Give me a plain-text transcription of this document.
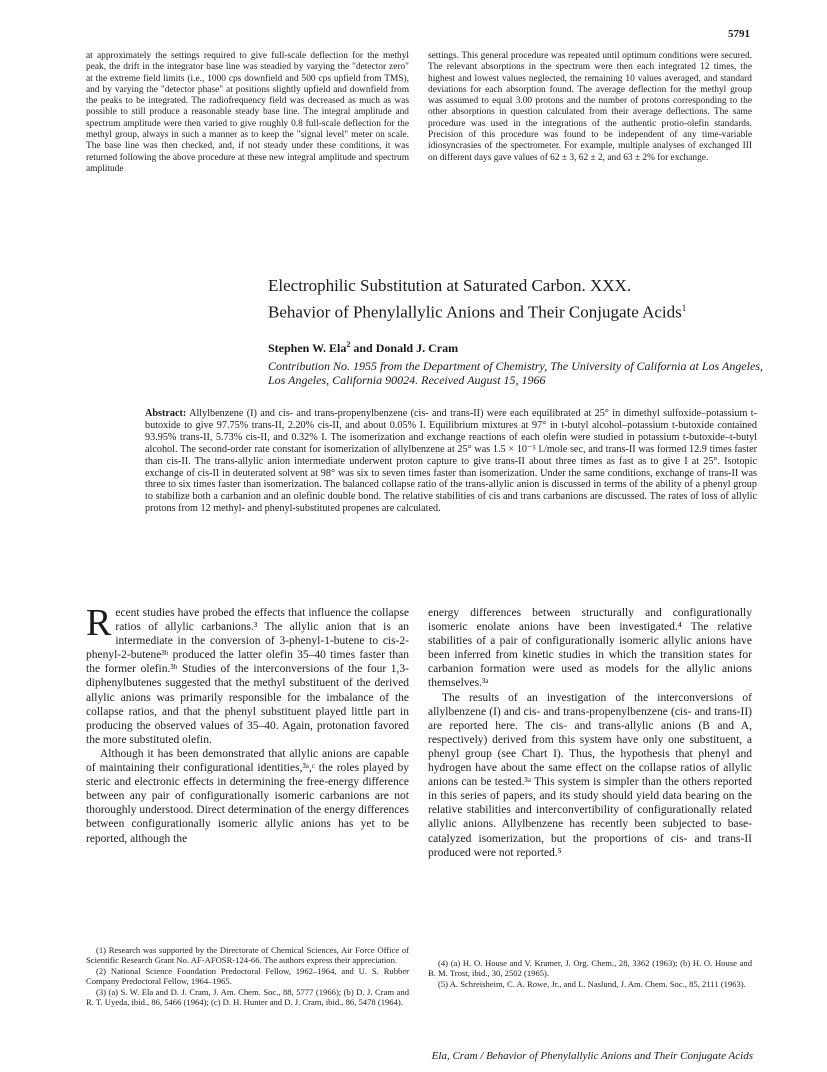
5791
at approximately the settings required to give full-scale deflection for the methyl peak, the drift in the integrator base line was steadied by varying the "detector zero" at the extreme field limits (i.e., 1000 cps downfield and 500 cps upfield from TMS), and by varying the "detector phase" at positions slightly upfield and downfield from the peaks to be integrated. The radiofrequency field was decreased as much as was possible to still produce a reasonable steady base line. The integral amplitude and spectrum amplitude were then varied to give roughly 0.8 full-scale deflection for the methyl group, always in such a manner as to keep the "signal level" meter on scale. The base line was then checked, and, if not steady under these conditions, it was returned following the above procedure at these new integral amplitude and spectrum amplitude
settings. This general procedure was repeated until optimum conditions were secured. The relevant absorptions in the spectrum were then each integrated 12 times, the highest and lowest values neglected, the remaining 10 values averaged, and standard deviations for each absorption found. The average deflection for the methyl group was assumed to equal 3.00 protons and the number of protons corresponding to the other absorptions in question calculated from their average deflections. The same procedure was used in the integrations of the authentic protio-olefin standards. Precision of this procedure was found to be independent of any time-variable idiosyncrasies of the spectrometer. For example, multiple analyses of exchanged III on different days gave values of 62 ± 3, 62 ± 2, and 63 ± 2% for exchange.
Electrophilic Substitution at Saturated Carbon. XXX.
Behavior of Phenylallylic Anions and Their Conjugate Acids$^1$
Stephen W. Ela$^2$ and Donald J. Cram
Contribution No. 1955 from the Department of Chemistry, The University of California at Los Angeles, Los Angeles, California 90024. Received August 15, 1966
Abstract: Allylbenzene (I) and cis- and trans-propenylbenzene (cis- and trans-II) were each equilibrated at 25° in dimethyl sulfoxide–potassium t-butoxide to give 97.75% trans-II, 2.20% cis-II, and about 0.05% I. Equilibrium mixtures at 97° in t-butyl alcohol–potassium t-butoxide contained 93.95% trans-II, 5.73% cis-II, and 0.32% I. The isomerization and exchange reactions of each olefin were studied in potassium t-butoxide–t-butyl alcohol. The second-order rate constant for isomerization of allylbenzene at 25° was 1.5 × 10⁻⁵ l./mole sec, and trans-II was formed 12.9 times faster than cis-II. The trans-allylic anion intermediate underwent proton capture to give trans-II about three times as fast as to give I at 25°. Isotopic exchange of cis-II in deuterated solvent at 98° was six to seven times faster than isomerization. Under the same conditions, exchange of trans-II was three to six times faster than isomerization. The balanced collapse ratio of the trans-allylic anion is discussed in terms of the ability of a phenyl group to stabilize both a carbanion and an olefinic double bond. The relative stabilities of cis and trans carbanions are discussed. The rates of loss of allylic protons from 12 methyl- and phenyl-substituted propenes are calculated.

Recent studies have probed the effects that influence the collapse ratios of allylic carbanions.³ The allylic anion that is an intermediate in the conversion of 3-phenyl-1-butene to cis-2-phenyl-2-butene³ᵇ produced the latter olefin 35–40 times faster than the former olefin.³ᵇ Studies of the interconversions of the four 1,3-diphenylbutenes suggested that the methyl substituent of the derived allylic anions was primarily responsible for the imbalance of the collapse ratios, and that the phenyl substituent played little part in producing the observed values of 35–40. Again, protonation favored the more substituted olefin.

Although it has been demonstrated that allylic anions are capable of maintaining their configurational identities,³ᵃ,ᶜ the roles played by steric and electronic effects in determining the free-energy difference between any pair of configurationally isomeric carbanions are not thoroughly understood. Direct determination of the energy differences between configurationally isomeric allylic anions has yet to be reported, although the

energy differences between structurally and configurationally isomeric enolate anions have been investigated.⁴ The relative stabilities of a pair of configurationally isomeric allylic anions have been inferred from kinetic studies in which the transition states for carbanion formation were used as models for the allylic anions themselves.³ᵃ

The results of an investigation of the interconversions of allylbenzene (I) and cis- and trans-propenylbenzene (cis- and trans-II) are reported here. The cis- and trans-allylic anions (B and A, respectively) derived from this system have only one substituent, a phenyl group (see Chart I). Thus, the hypothesis that phenyl and hydrogen have about the same effect on the collapse ratios of allylic anions can be tested.³ᵃ This system is simpler than the others reported in this series of papers, and its study should yield data bearing on the relative stabilities and interconvertibility of configurationally related allylic anions. Allylbenzene has recently been subjected to base-catalyzed isomerization, but the proportions of cis- and trans-II produced were not reported.⁵

(1) Research was supported by the Directorate of Chemical Sciences, Air Force Office of Scientific Research Grant No. AF-AFOSR-124-66. The authors express their appreciation.

(2) National Science Foundation Predoctoral Fellow, 1962–1964, and U. S. Rubber Company Predoctoral Fellow, 1964–1965.

(3) (a) S. W. Ela and D. J. Cram, J. Am. Chem. Soc., 88, 5777 (1966); (b) D. J. Cram and R. T. Uyeda, ibid., 86, 5466 (1964); (c) D. H. Hunter and D. J. Cram, ibid., 86, 5478 (1964).

(4) (a) H. O. House and V. Kramer, J. Org. Chem., 28, 3362 (1963); (b) H. O. House and B. M. Trost, ibid., 30, 2502 (1965).

(5) A. Schreisheim, C. A. Rowe, Jr., and L. Naslund, J. Am. Chem. Soc., 85, 2111 (1963).

Ela, Cram / Behavior of Phenylallylic Anions and Their Conjugate Acids
